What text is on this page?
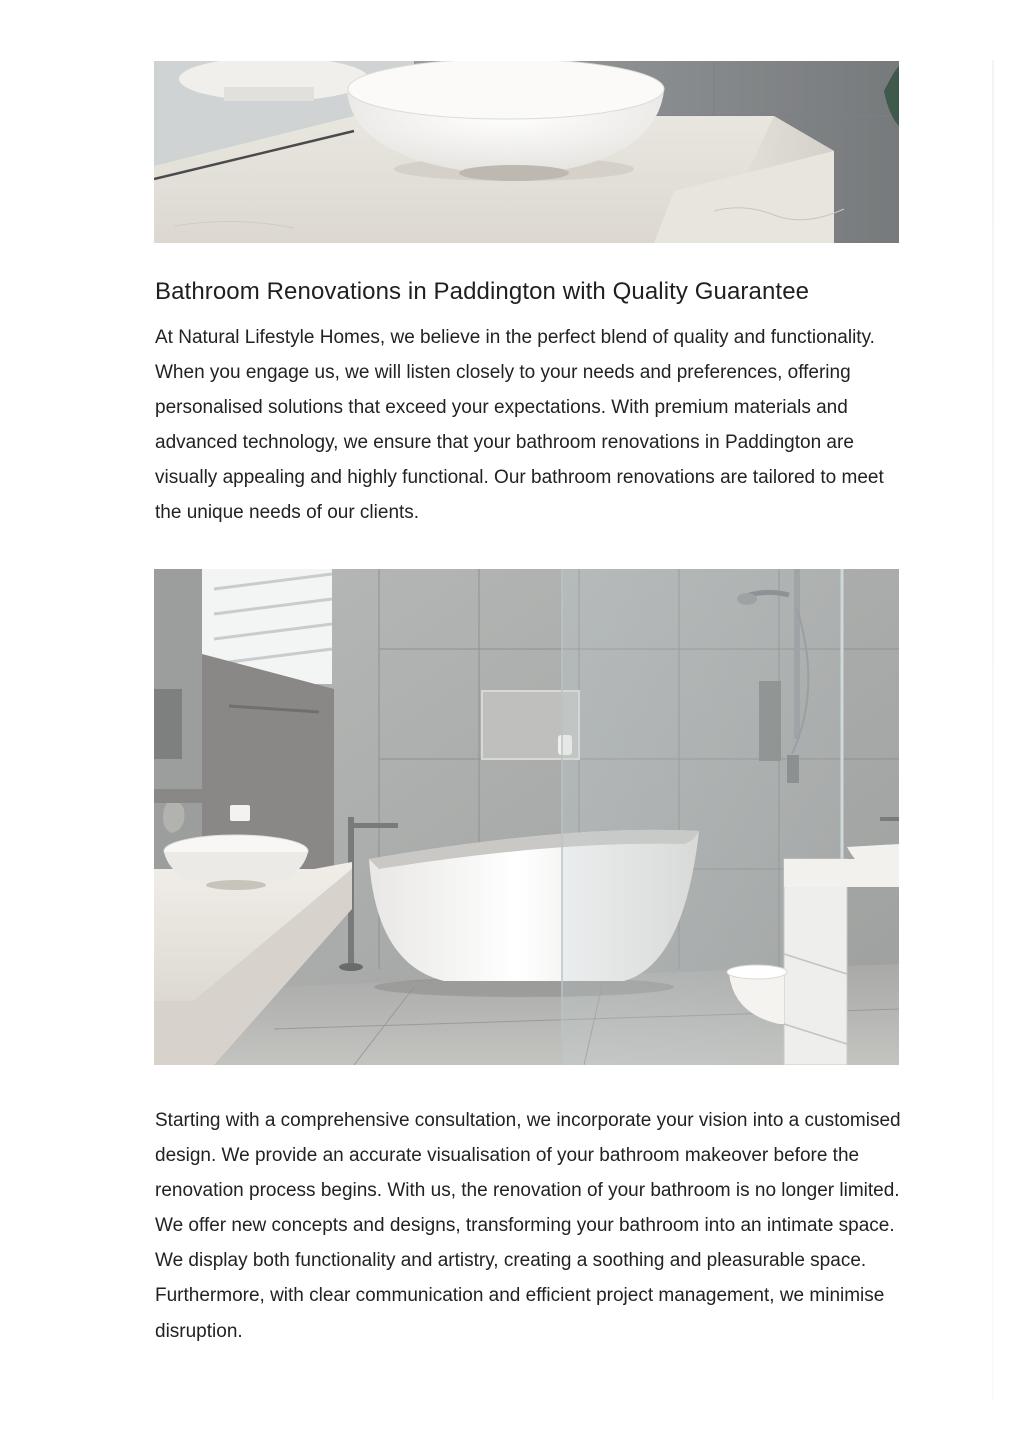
Bathroom Renovations in Paddington with Quality Guarantee

At Natural Lifestyle Homes, we believe in the perfect blend of quality and functionality. When you engage us, we will listen closely to your needs and preferences, offering personalised solutions that exceed your expectations. With premium materials and advanced technology, we ensure that your bathroom renovations in Paddington are visually appealing and highly functional. Our bathroom renovations are tailored to meet the unique needs of our clients.

Starting with a comprehensive consultation, we incorporate your vision into a customised design. We provide an accurate visualisation of your bathroom makeover before the renovation process begins. With us, the renovation of your bathroom is no longer limited. We offer new concepts and designs, transforming your bathroom into an intimate space. We display both functionality and artistry, creating a soothing and pleasurable space. Furthermore, with clear communication and efficient project management, we minimise disruption.
